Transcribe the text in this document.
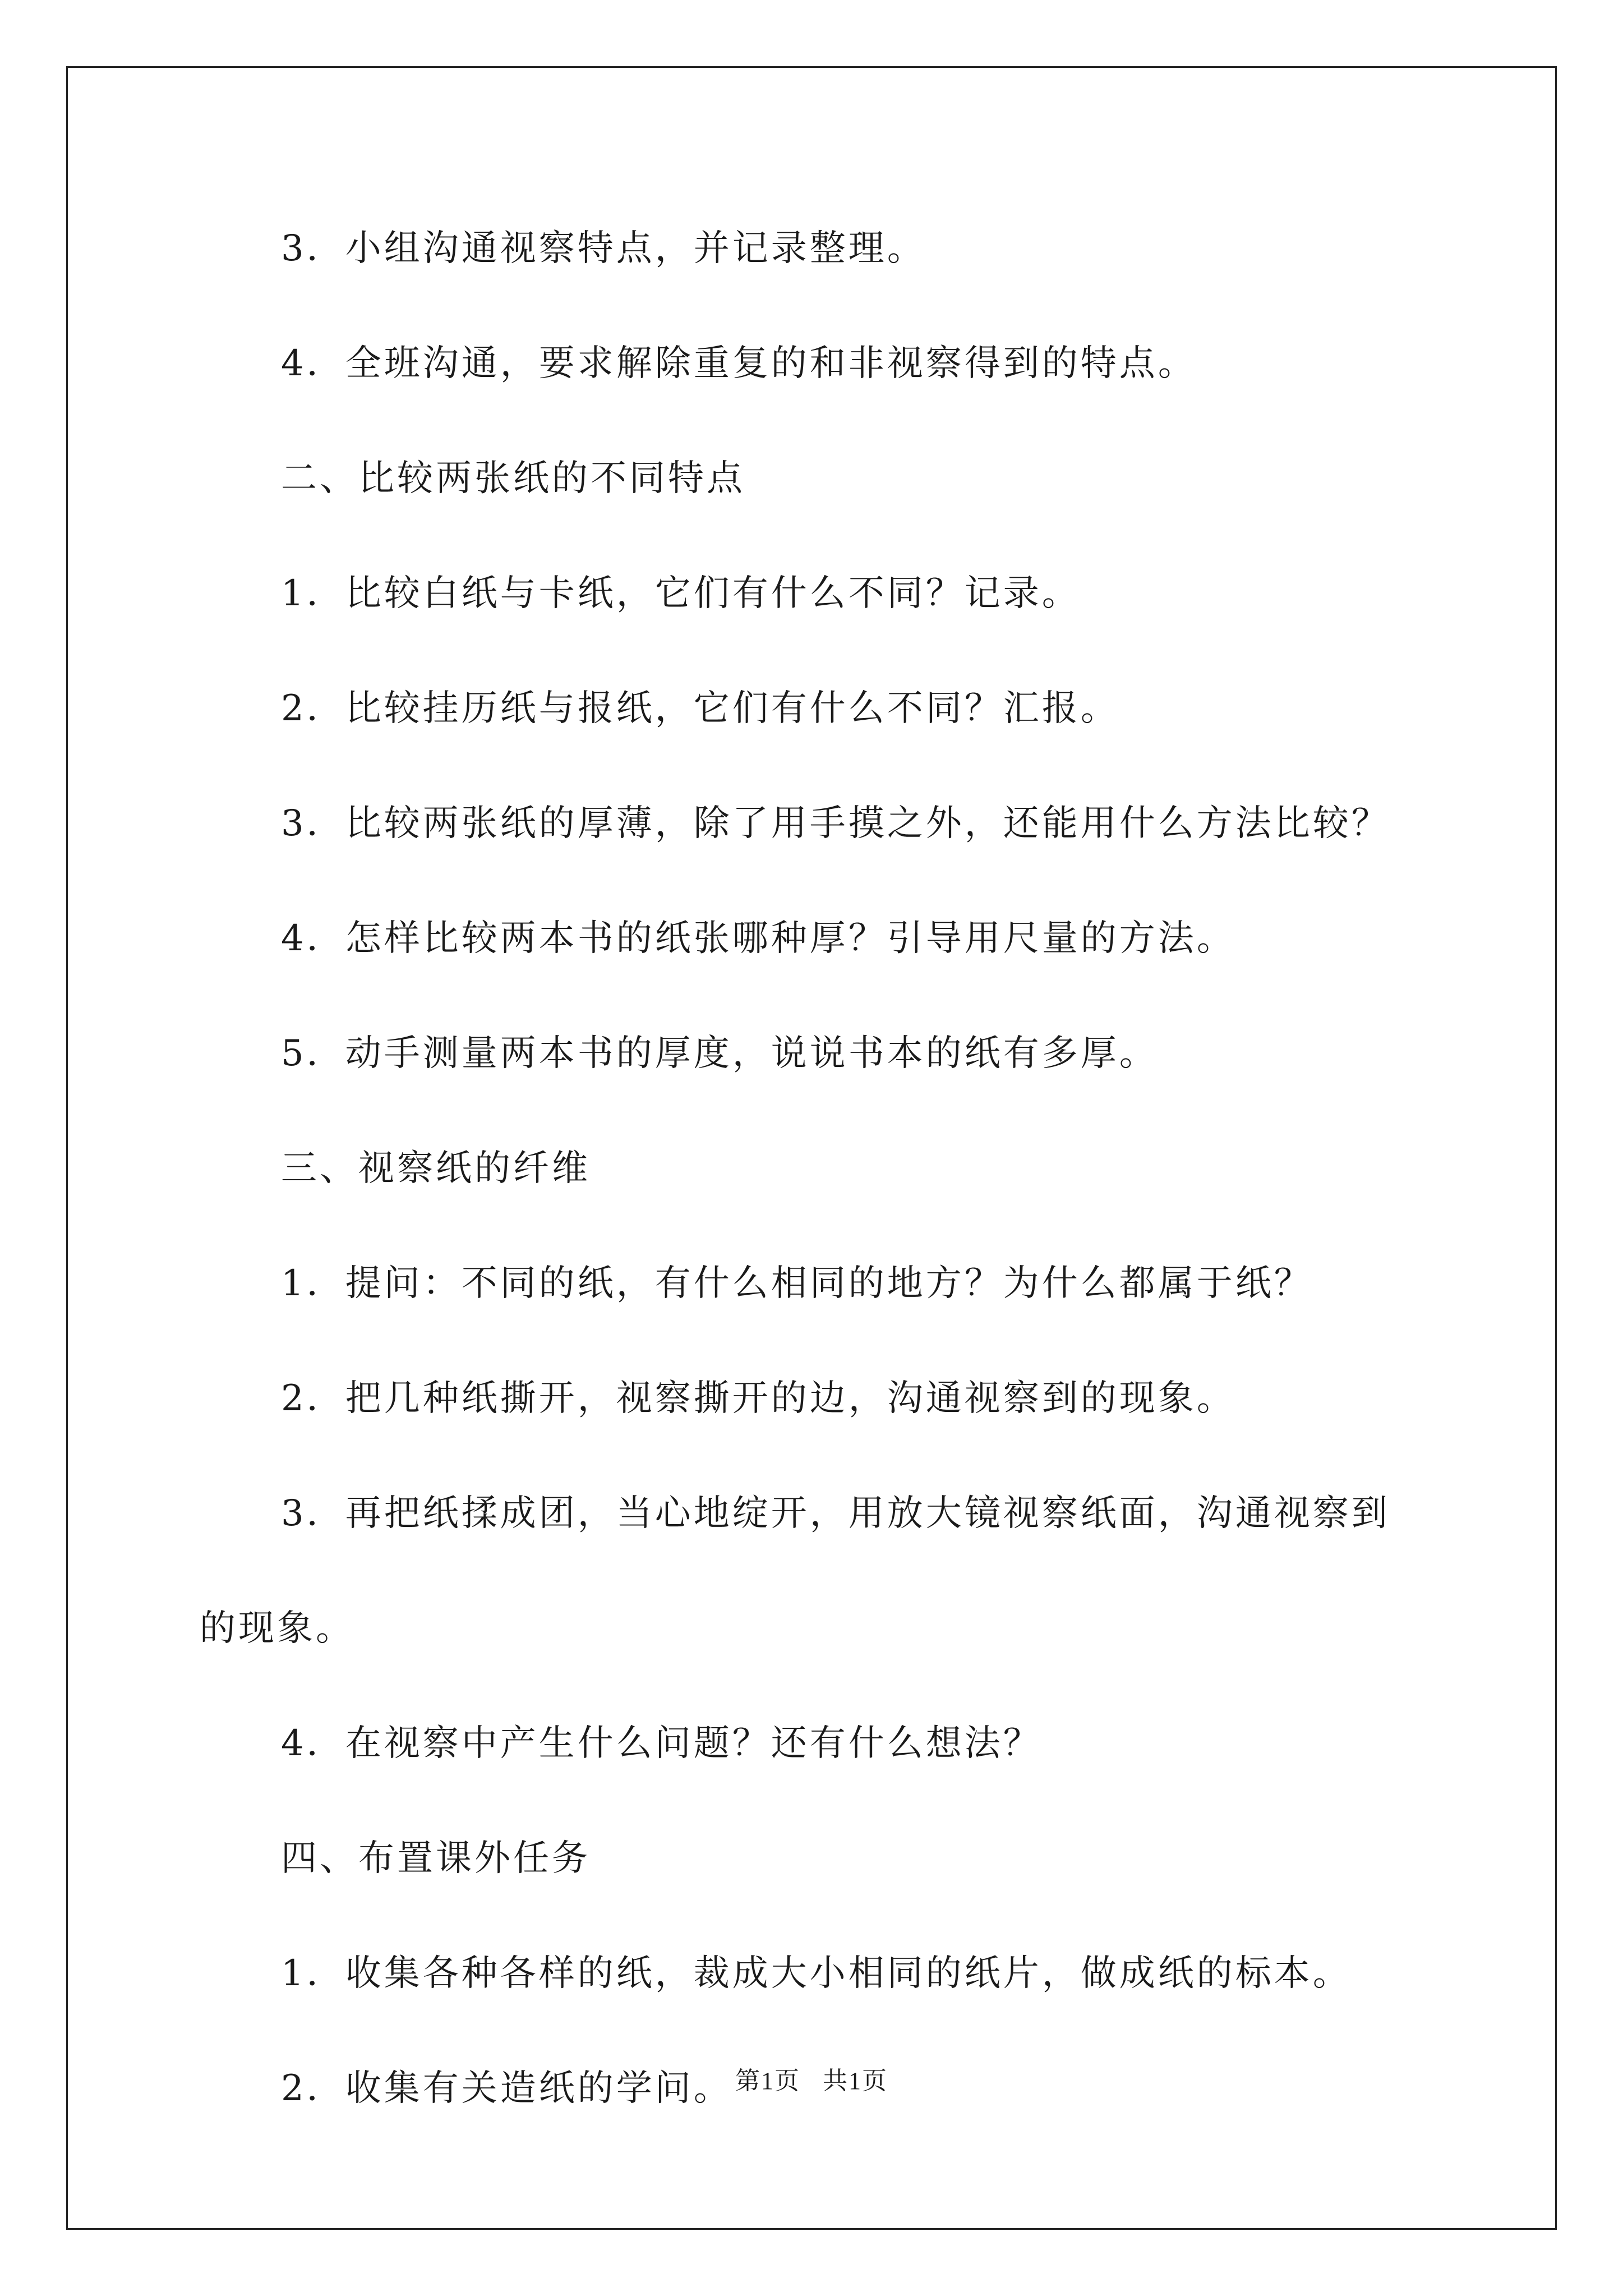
3．小组沟通视察特点，并记录整理。
4．全班沟通，要求解除重复的和非视察得到的特点。
二、比较两张纸的不同特点
1．比较白纸与卡纸，它们有什么不同？记录。
2．比较挂历纸与报纸，它们有什么不同？汇报。
3．比较两张纸的厚薄，除了用手摸之外，还能用什么方法比较？
4．怎样比较两本书的纸张哪种厚？引导用尺量的方法。
5．动手测量两本书的厚度，说说书本的纸有多厚。
三、视察纸的纤维
1．提问：不同的纸，有什么相同的地方？为什么都属于纸？
2．把几种纸撕开，视察撕开的边，沟通视察到的现象。
3．再把纸揉成团，当心地绽开，用放大镜视察纸面，沟通视察到
的现象。
4．在视察中产生什么问题？还有什么想法？
四、布置课外任务
1．收集各种各样的纸，裁成大小相同的纸片，做成纸的标本。
2．收集有关造纸的学问。 第1页 共1页
